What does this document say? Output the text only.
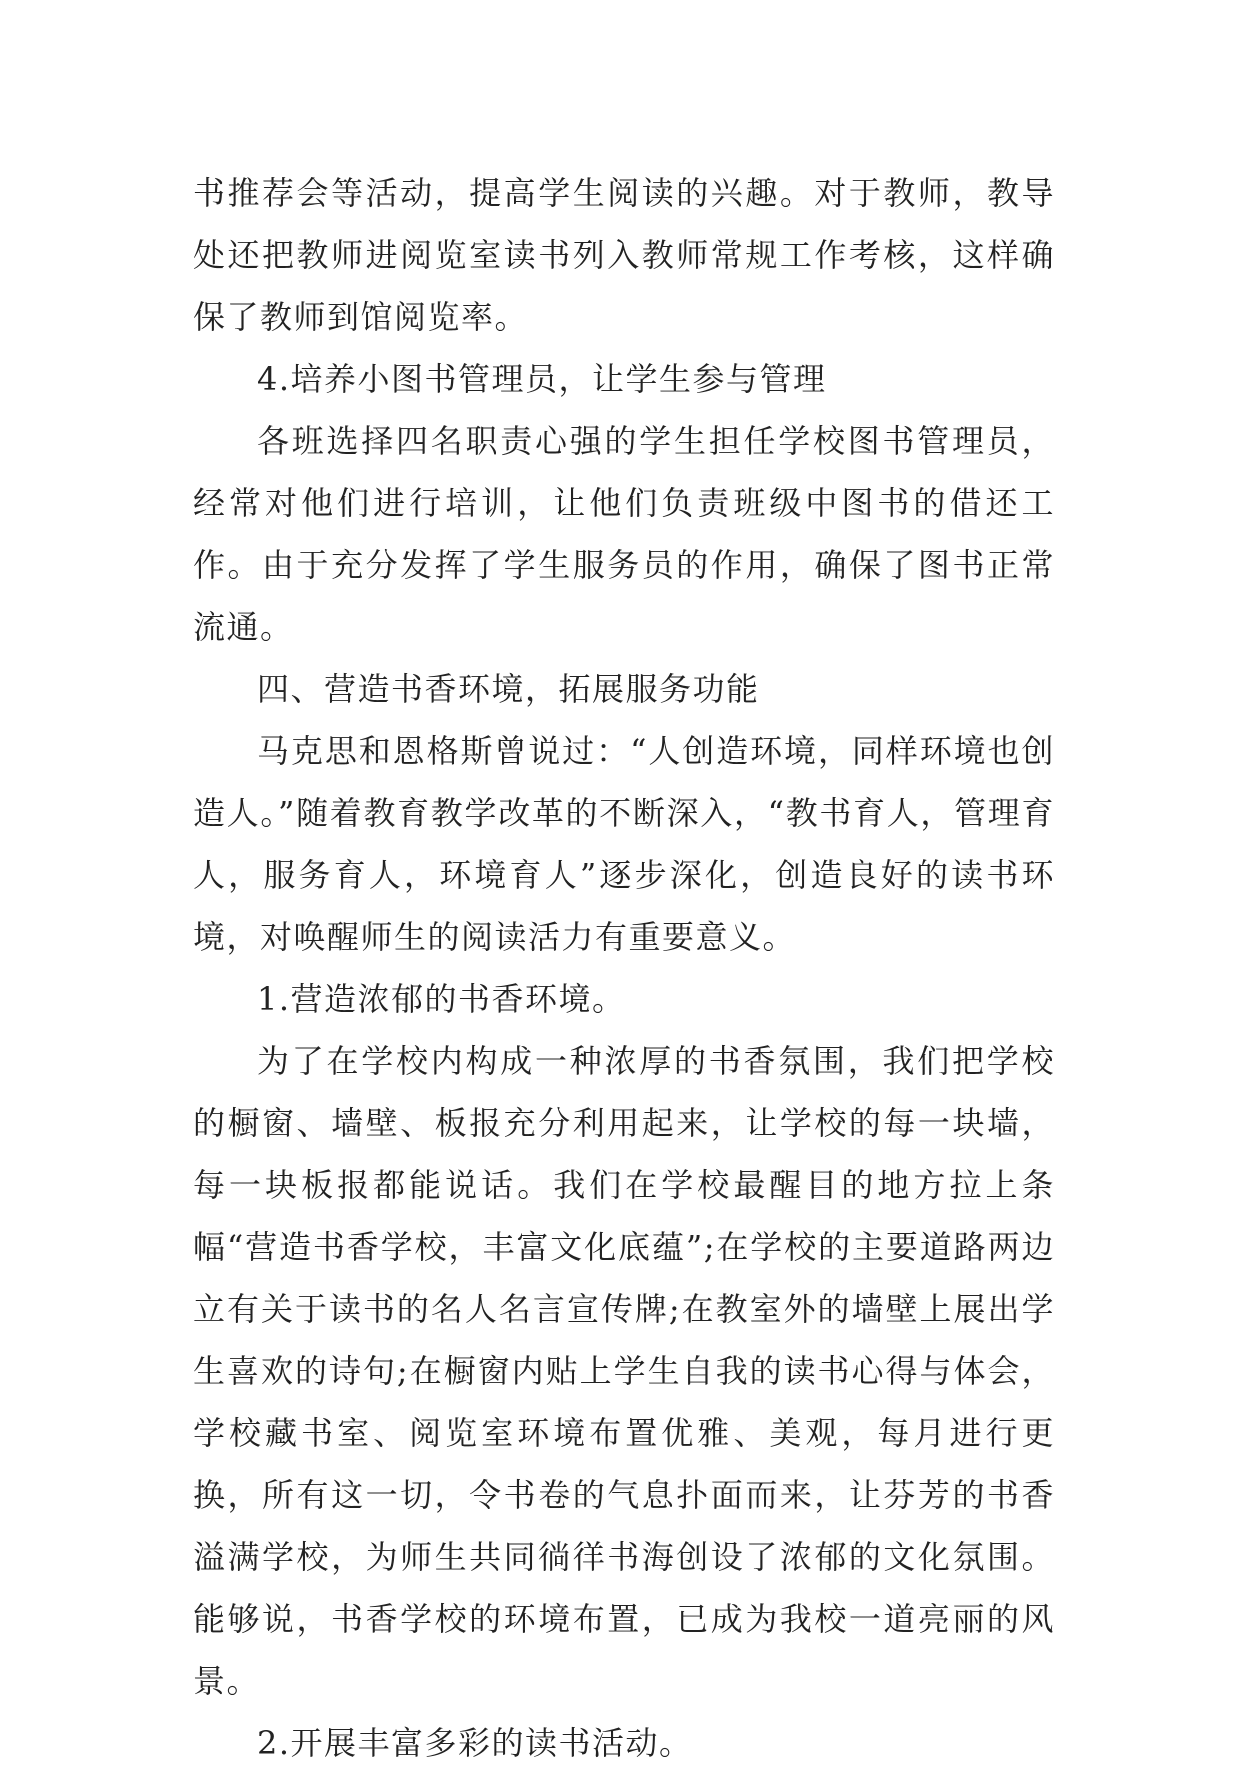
书推荐会等活动，提高学生阅读的兴趣。对于教师，教导处还把教师进阅览室读书列入教师常规工作考核，这样确保了教师到馆阅览率。

4.培养小图书管理员，让学生参与管理

各班选择四名职责心强的学生担任学校图书管理员，经常对他们进行培训，让他们负责班级中图书的借还工作。由于充分发挥了学生服务员的作用，确保了图书正常流通。

四、营造书香环境，拓展服务功能

马克思和恩格斯曾说过：“人创造环境，同样环境也创造人。”随着教育教学改革的不断深入，“教书育人，管理育人，服务育人，环境育人”逐步深化，创造良好的读书环境，对唤醒师生的阅读活力有重要意义。

1.营造浓郁的书香环境。

为了在学校内构成一种浓厚的书香氛围，我们把学校的橱窗、墙壁、板报充分利用起来，让学校的每一块墙，每一块板报都能说话。我们在学校最醒目的地方拉上条幅“营造书香学校，丰富文化底蕴”;在学校的主要道路两边立有关于读书的名人名言宣传牌;在教室外的墙壁上展出学生喜欢的诗句;在橱窗内贴上学生自我的读书心得与体会，学校藏书室、阅览室环境布置优雅、美观，每月进行更换，所有这一切，令书卷的气息扑面而来，让芬芳的书香溢满学校，为师生共同徜徉书海创设了浓郁的文化氛围。能够说，书香学校的环境布置，已成为我校一道亮丽的风景。

2.开展丰富多彩的读书活动。
